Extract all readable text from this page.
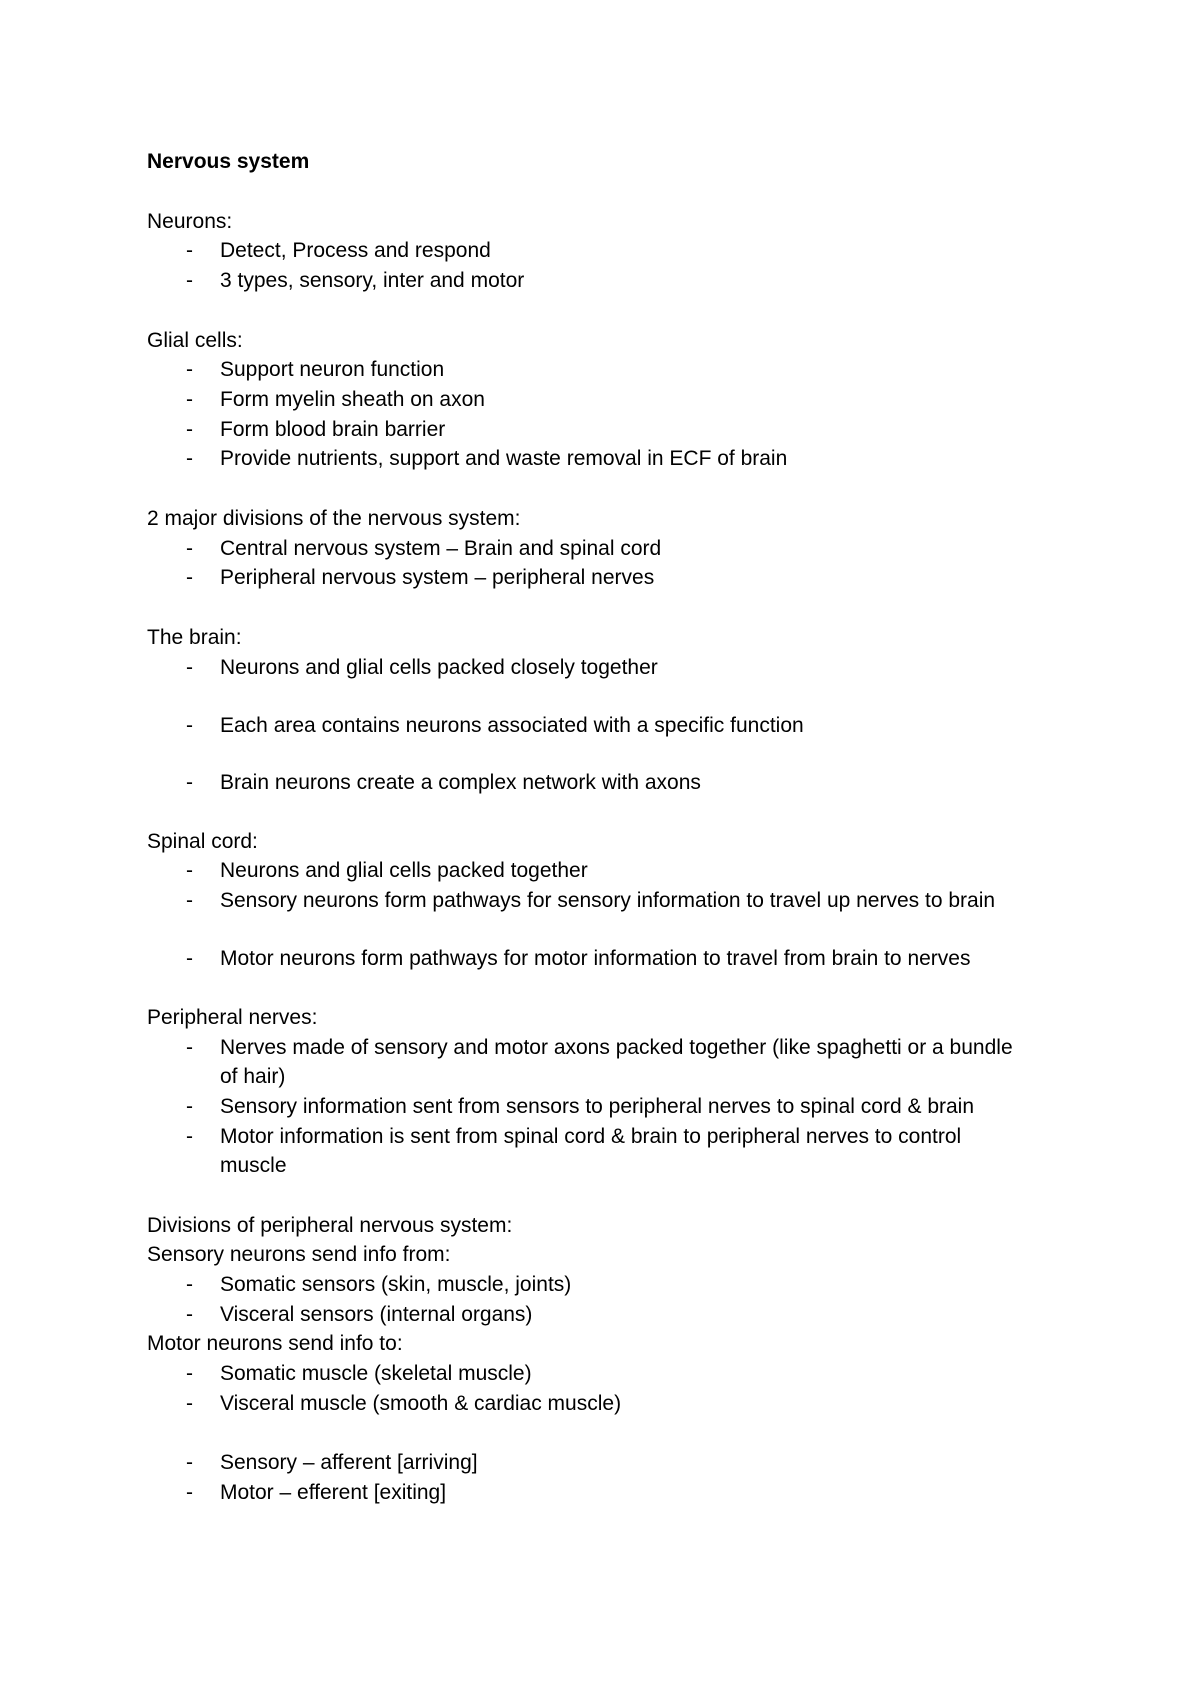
Nervous system
Neurons:
- Detect, Process and respond
- 3 types, sensory, inter and motor
Glial cells:
- Support neuron function
- Form myelin sheath on axon
- Form blood brain barrier
- Provide nutrients, support and waste removal in ECF of brain
2 major divisions of the nervous system:
- Central nervous system – Brain and spinal cord
- Peripheral nervous system – peripheral nerves
The brain:
- Neurons and glial cells packed closely together
- Each area contains neurons associated with a specific function
- Brain neurons create a complex network with axons
Spinal cord:
- Neurons and glial cells packed together
- Sensory neurons form pathways for sensory information to travel up nerves to brain
- Motor neurons form pathways for motor information to travel from brain to nerves
Peripheral nerves:
- Nerves made of sensory and motor axons packed together (like spaghetti or a bundle
of hair)
- Sensory information sent from sensors to peripheral nerves to spinal cord & brain
- Motor information is sent from spinal cord & brain to peripheral nerves to control
muscle
Divisions of peripheral nervous system:
Sensory neurons send info from:
- Somatic sensors (skin, muscle, joints)
- Visceral sensors (internal organs)
Motor neurons send info to:
- Somatic muscle (skeletal muscle)
- Visceral muscle (smooth & cardiac muscle)
- Sensory – afferent [arriving]
- Motor – efferent [exiting]
